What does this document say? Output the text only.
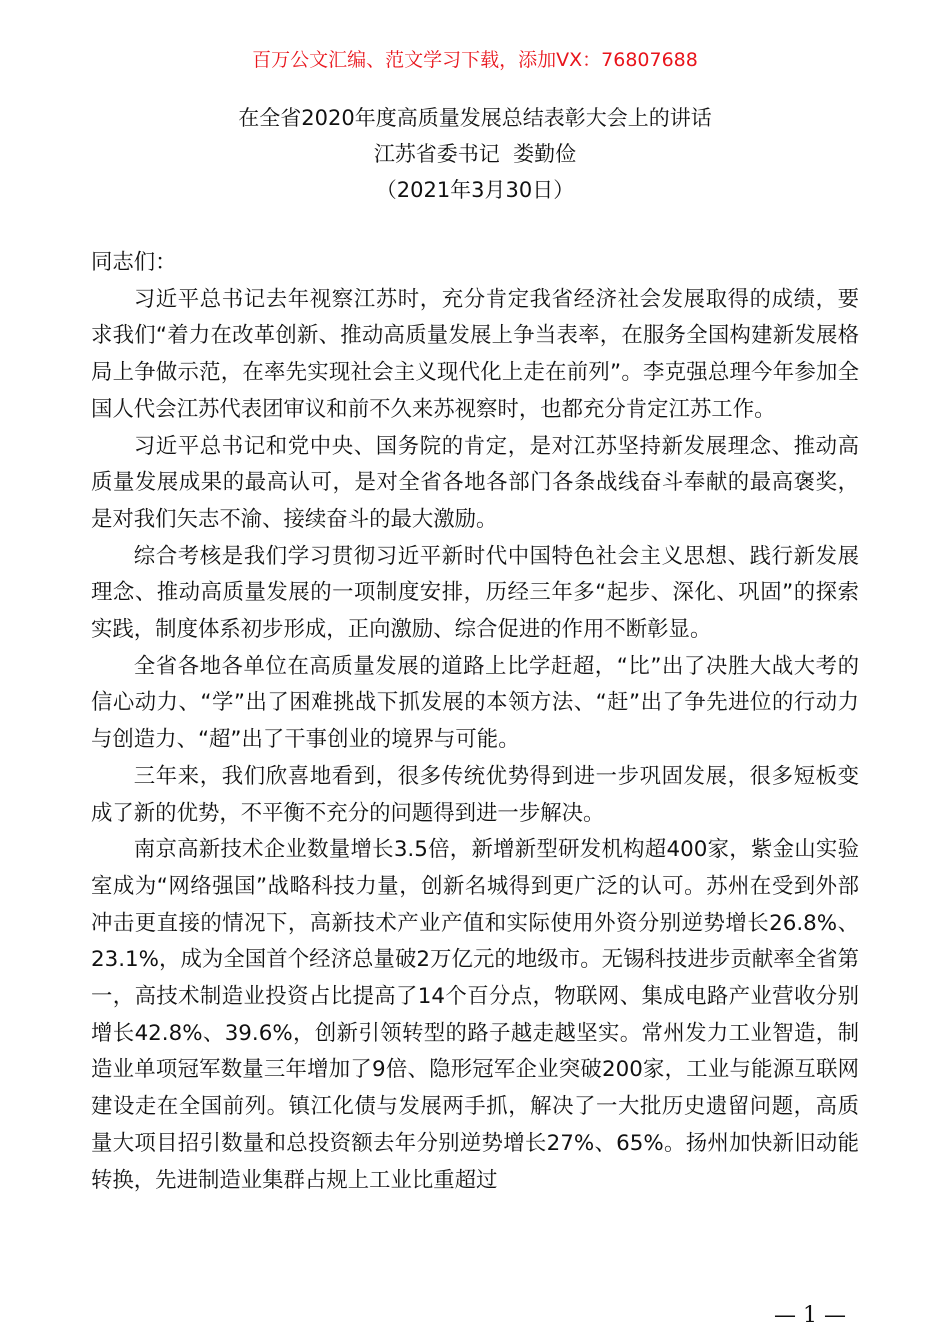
百万公文汇编、范文学习下载，添加VX：76807688
在全省2020年度高质量发展总结表彰大会上的讲话
江苏省委书记  娄勤俭
（2021年3月30日）

同志们：

习近平总书记去年视察江苏时，充分肯定我省经济社会发展取得的成绩，要求我们“着力在改革创新、推动高质量发展上争当表率，在服务全国构建新发展格局上争做示范，在率先实现社会主义现代化上走在前列”。李克强总理今年参加全国人代会江苏代表团审议和前不久来苏视察时，也都充分肯定江苏工作。

习近平总书记和党中央、国务院的肯定，是对江苏坚持新发展理念、推动高质量发展成果的最高认可，是对全省各地各部门各条战线奋斗奉献的最高褒奖，是对我们矢志不渝、接续奋斗的最大激励。

综合考核是我们学习贯彻习近平新时代中国特色社会主义思想、践行新发展理念、推动高质量发展的一项制度安排，历经三年多“起步、深化、巩固”的探索实践，制度体系初步形成，正向激励、综合促进的作用不断彰显。

全省各地各单位在高质量发展的道路上比学赶超，“比”出了决胜大战大考的信心动力、“学”出了困难挑战下抓发展的本领方法、“赶”出了争先进位的行动力与创造力、“超”出了干事创业的境界与可能。

三年来，我们欣喜地看到，很多传统优势得到进一步巩固发展，很多短板变成了新的优势，不平衡不充分的问题得到进一步解决。

南京高新技术企业数量增长3.5倍，新增新型研发机构超400家，紫金山实验室成为“网络强国”战略科技力量，创新名城得到更广泛的认可。苏州在受到外部冲击更直接的情况下，高新技术产业产值和实际使用外资分别逆势增长26.8%、23.1%，成为全国首个经济总量破2万亿元的地级市。无锡科技进步贡献率全省第一，高技术制造业投资占比提高了14个百分点，物联网、集成电路产业营收分别增长42.8%、39.6%，创新引领转型的路子越走越坚实。常州发力工业智造，制造业单项冠军数量三年增加了9倍、隐形冠军企业突破200家，工业与能源互联网建设走在全国前列。镇江化债与发展两手抓，解决了一大批历史遗留问题，高质量大项目招引数量和总投资额去年分别逆势增长27%、65%。扬州加快新旧动能转换，先进制造业集群占规上工业比重超过

— 1 —
